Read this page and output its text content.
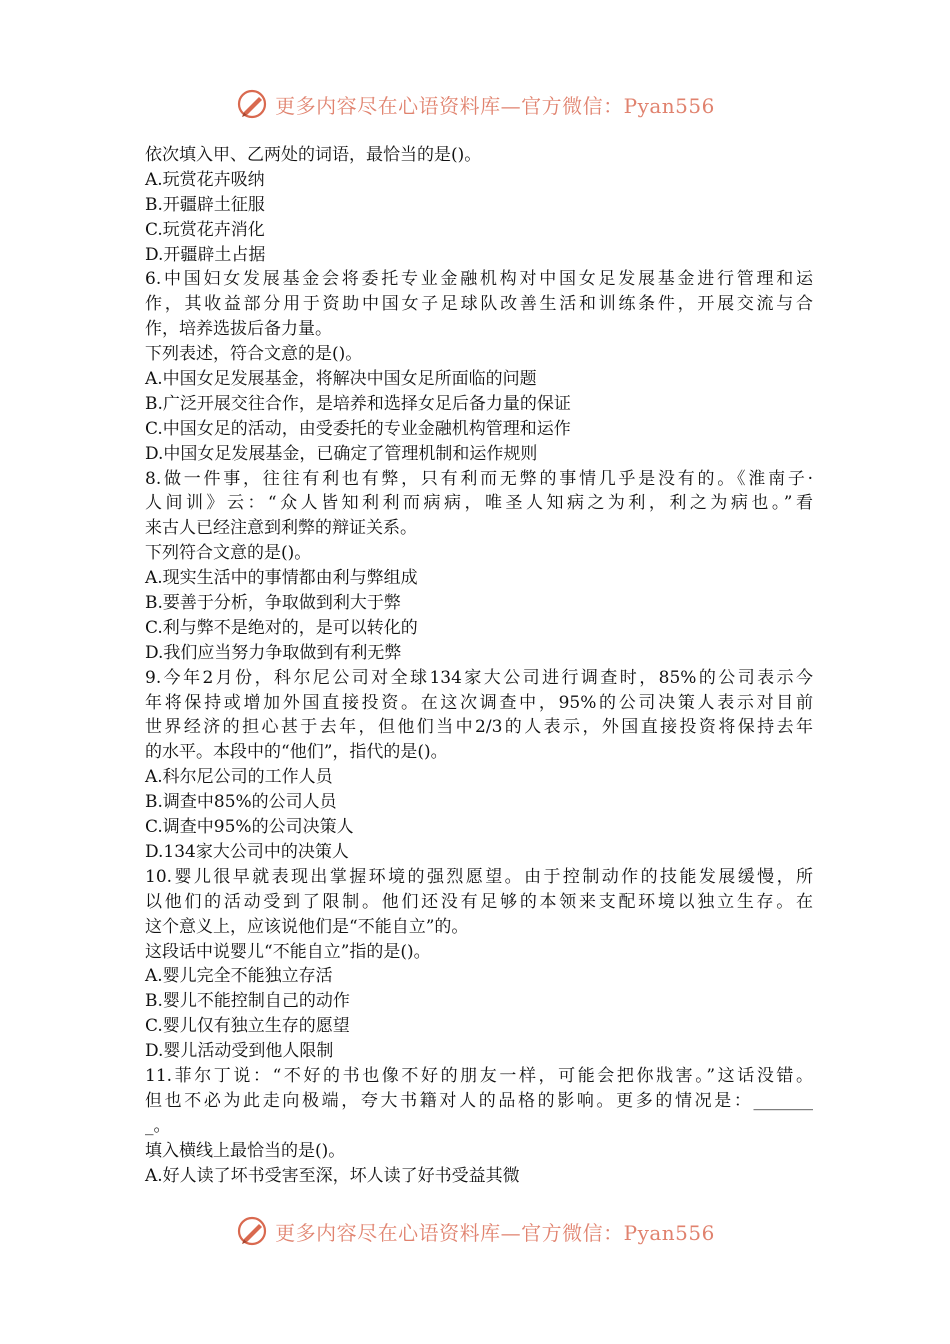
更多内容尽在心语资料库—官方微信：Pyan556
依次填入甲、乙两处的词语，最恰当的是()。
A.玩赏花卉吸纳
B.开疆辟土征服
C.玩赏花卉消化
D.开疆辟土占据
6.中国妇女发展基金会将委托专业金融机构对中国女足发展基金进行管理和运
作，其收益部分用于资助中国女子足球队改善生活和训练条件，开展交流与合
作，培养选拔后备力量。
下列表述，符合文意的是()。
A.中国女足发展基金，将解决中国女足所面临的问题
B.广泛开展交往合作，是培养和选择女足后备力量的保证
C.中国女足的活动，由受委托的专业金融机构管理和运作
D.中国女足发展基金，已确定了管理机制和运作规则
8.做一件事，往往有利也有弊，只有利而无弊的事情几乎是没有的。《淮南子·
人间训》云：“众人皆知利利而病病，唯圣人知病之为利，利之为病也。”看
来古人已经注意到利弊的辩证关系。
下列符合文意的是()。
A.现实生活中的事情都由利与弊组成
B.要善于分析，争取做到利大于弊
C.利与弊不是绝对的，是可以转化的
D.我们应当努力争取做到有利无弊
9.今年2月份，科尔尼公司对全球134家大公司进行调查时，85%的公司表示今
年将保持或增加外国直接投资。在这次调查中，95%的公司决策人表示对目前
世界经济的担心甚于去年，但他们当中2/3的人表示，外国直接投资将保持去年
的水平。本段中的“他们”，指代的是()。
A.科尔尼公司的工作人员
B.调查中85%的公司人员
C.调查中95%的公司决策人
D.134家大公司中的决策人
10.婴儿很早就表现出掌握环境的强烈愿望。由于控制动作的技能发展缓慢，所
以他们的活动受到了限制。他们还没有足够的本领来支配环境以独立生存。在
这个意义上，应该说他们是“不能自立”的。
这段话中说婴儿“不能自立”指的是()。
A.婴儿完全不能独立存活
B.婴儿不能控制自己的动作
C.婴儿仅有独立生存的愿望
D.婴儿活动受到他人限制
11.菲尔丁说：“不好的书也像不好的朋友一样，可能会把你戕害。”这话没错。
但也不必为此走向极端，夸大书籍对人的品格的影响。更多的情况是：_______
_。
填入横线上最恰当的是()。
A.好人读了坏书受害至深，坏人读了好书受益其微
更多内容尽在心语资料库—官方微信：Pyan556
